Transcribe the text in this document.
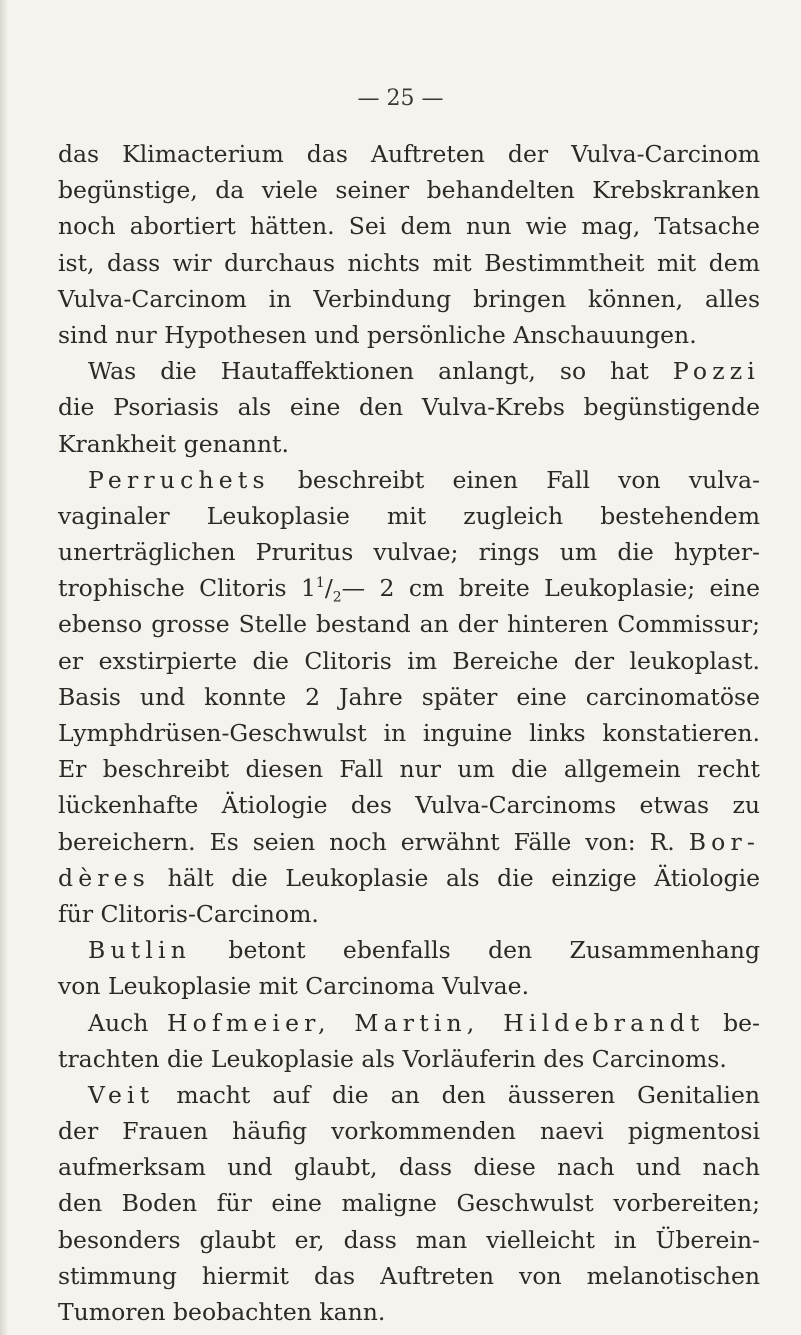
— 25 —
das Klimacterium das Auftreten der Vulva-Carcinom
begünstige, da viele seiner behandelten Krebskranken
noch abortiert hätten. Sei dem nun wie mag, Tatsache
ist, dass wir durchaus nichts mit Bestimmtheit mit dem
Vulva-Carcinom in Verbindung bringen können, alles
sind nur Hypothesen und persönliche Anschauungen.
Was die Hautaffektionen anlangt, so hat Pozzi
die Psoriasis als eine den Vulva-Krebs begünstigende
Krankheit genannt.
Perruchets beschreibt einen Fall von vulva-
vaginaler Leukoplasie mit zugleich bestehendem
unerträglichen Pruritus vulvae; rings um die hypter-
trophische Clitoris $1^1/_2—$ 2 cm breite Leukoplasie; eine
ebenso grosse Stelle bestand an der hinteren Commissur;
er exstirpierte die Clitoris im Bereiche der leukoplast.
Basis und konnte 2 Jahre später eine carcinomatöse
Lymphdrüsen-Geschwulst in inguine links konstatieren.
Er beschreibt diesen Fall nur um die allgemein recht
lückenhafte Ätiologie des Vulva-Carcinoms etwas zu
bereichern. Es seien noch erwähnt Fälle von: R. Bor-
dères hält die Leukoplasie als die einzige Ätiologie
für Clitoris-Carcinom.
Butlin betont ebenfalls den Zusammenhang
von Leukoplasie mit Carcinoma Vulvae.
Auch Hofmeier, Martin, Hildebrandt be-
trachten die Leukoplasie als Vorläuferin des Carcinoms.
Veit macht auf die an den äusseren Genitalien
der Frauen häufig vorkommenden naevi pigmentosi
aufmerksam und glaubt, dass diese nach und nach
den Boden für eine maligne Geschwulst vorbereiten;
besonders glaubt er, dass man vielleicht in Überein-
stimmung hiermit das Auftreten von melanotischen
Tumoren beobachten kann.
